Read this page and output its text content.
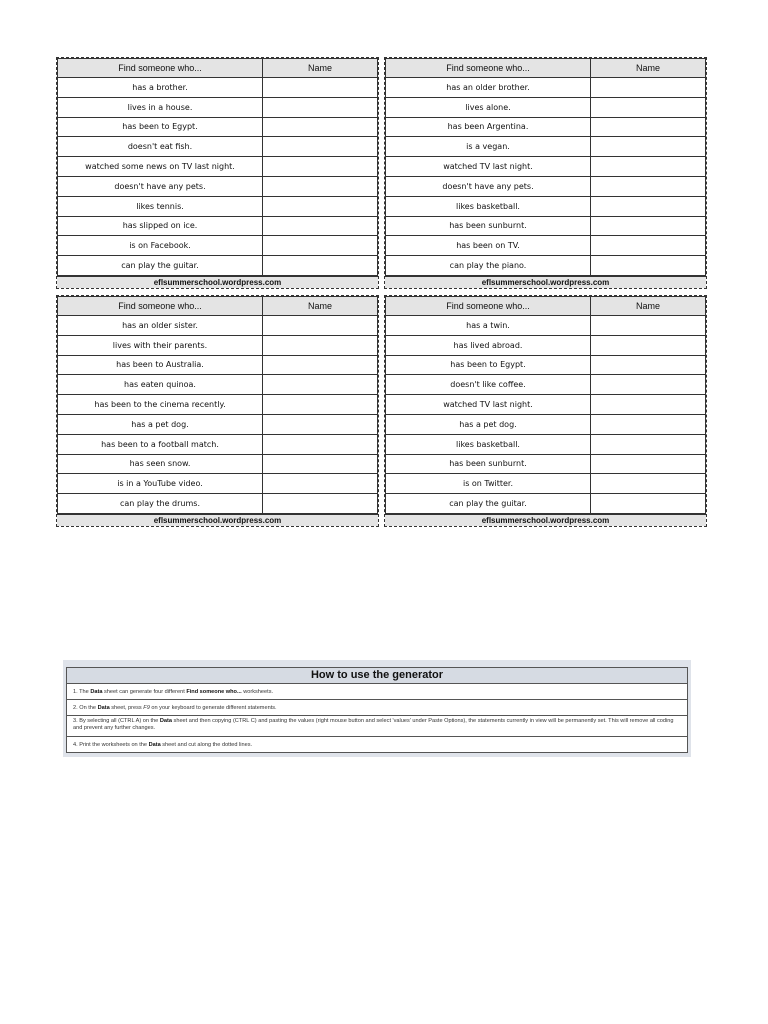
Find someone who...	Name
has a brother.	
lives in a house.	
has been to Egypt.	
doesn't eat fish.	
watched some news on TV last night.	
doesn't have any pets.	
likes tennis.	
has slipped on ice.	
is on Facebook.	
can play the guitar.	
eflsummerschool.wordpress.com
Find someone who...	Name
has an older brother.	
lives alone.	
has been Argentina.	
is a vegan.	
watched TV last night.	
doesn't have any pets.	
likes basketball.	
has been sunburnt.	
has been on TV.	
can play the piano.	
eflsummerschool.wordpress.com
Find someone who...	Name
has an older sister.	
lives with their parents.	
has been to Australia.	
has eaten quinoa.	
has been to the cinema recently.	
has a pet dog.	
has been to a football match.	
has seen snow.	
is in a YouTube video.	
can play the drums.	
eflsummerschool.wordpress.com
Find someone who...	Name
has a twin.	
has lived abroad.	
has been to Egypt.	
doesn't like coffee.	
watched TV last night.	
has a pet dog.	
likes basketball.	
has been sunburnt.	
is on Twitter.	
can play the guitar.	
eflsummerschool.wordpress.com
How to use the generator
1. The Data sheet can generate four different Find someone who... worksheets.
2. On the Data sheet, press F9 on your keyboard to generate different statements.
3. By selecting all (CTRL A) on the Data sheet and then copying (CTRL C) and pasting the values (right mouse button and select 'values' under Paste Options), the statements currently in view will be permanently set. This will remove all coding and prevent any further changes.
4. Print the worksheets on the Data sheet and cut along the dotted lines.
